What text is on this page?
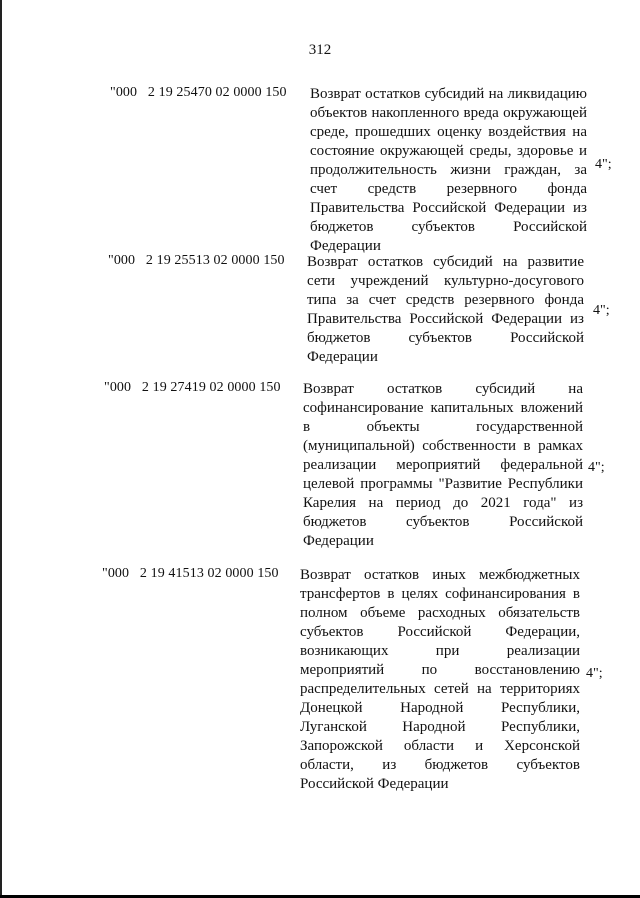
312
"000   2 19 25470 02 0000 150 Возврат остатков субсидий на ликвидацию объектов накопленного вреда окружающей среде, прошедших оценку воздействия на состояние окружающей среды, здоровье и продолжительность жизни граждан, за счет средств резервного фонда Правительства Российской Федерации из бюджетов субъектов Российской Федерации
4";
"000   2 19 25513 02 0000 150 Возврат остатков субсидий на развитие сети учреждений культурно-досугового типа за счет средств резервного фонда Правительства Российской Федерации из бюджетов субъектов Российской Федерации
4";
"000   2 19 27419 02 0000 150 Возврат остатков субсидий на софинансирование капитальных вложений в объекты государственной (муниципальной) собственности в рамках реализации мероприятий федеральной целевой программы "Развитие Республики Карелия на период до 2021 года" из бюджетов субъектов Российской Федерации
4";
"000   2 19 41513 02 0000 150 Возврат остатков иных межбюджетных трансфертов в целях софинансирования в полном объеме расходных обязательств субъектов Российской Федерации, возникающих при реализации мероприятий по восстановлению распределительных сетей на территориях Донецкой Народной Республики, Луганской Народной Республики, Запорожской области и Херсонской области, из бюджетов субъектов Российской Федерации
4";
